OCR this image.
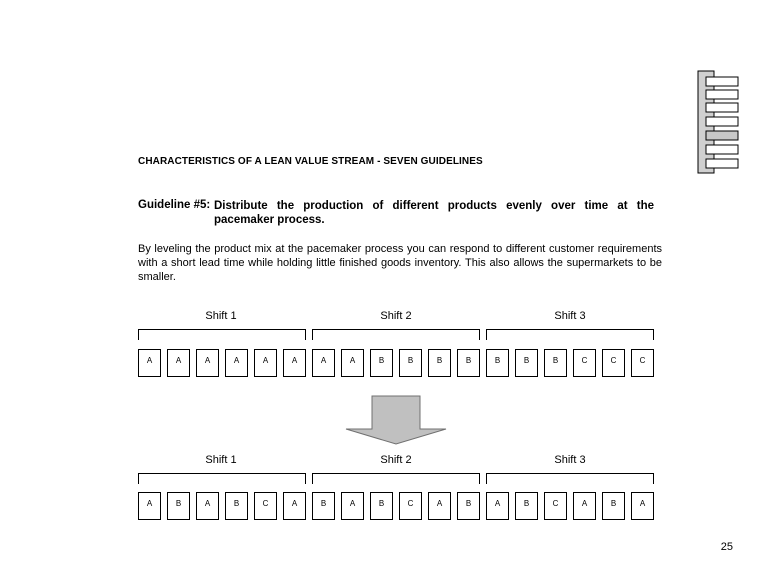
CHARACTERISTICS OF A LEAN VALUE STREAM - SEVEN GUIDELINES
Guideline #5: Distribute the production of different products evenly over time at the pacemaker process.
By leveling the product mix at the pacemaker process you can respond to different customer requirements with a short lead time while holding little finished goods inventory. This also allows the supermarkets to be smaller.
Shift 1	Shift 2	Shift 3
A	A	A	A	A	A	A	A	B	B	B	B	B	B	B	C	C	C
Shift 1	Shift 2	Shift 3
A	B	A	B	C	A	B	A	B	C	A	B	A	B	C	A	B	A
25
